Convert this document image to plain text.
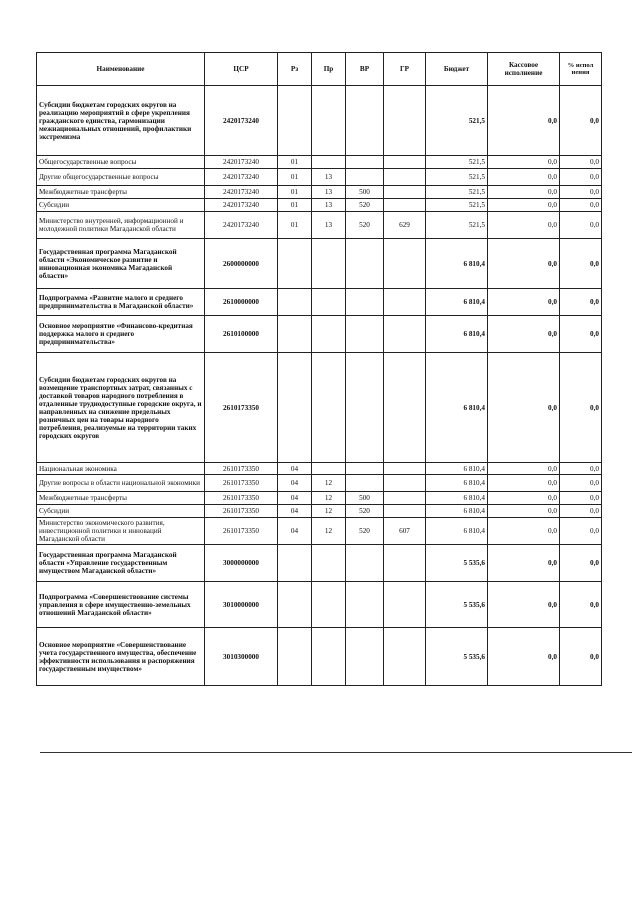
Наименование	ЦСР	Рз	Пр	ВР	ГР	Бюджет	Кассовое исполнение	% испол нения
Субсидии бюджетам городских округов на реализацию мероприятий в сфере укрепления гражданского единства, гармонизации межнациональных отношений, профилактики экстремизма	2420173240					521,5	0,0	0,0
Общегосударственные вопросы	2420173240	01				521,5	0,0	0,0
Другие общегосударственные вопросы	2420173240	01	13			521,5	0,0	0,0
Межбюджетные трансферты	2420173240	01	13	500		521,5	0,0	0,0
Субсидии	2420173240	01	13	520		521,5	0,0	0,0
Министерство внутренней, информационной и молодежной политики Магаданской области	2420173240	01	13	520	629	521,5	0,0	0,0
Государственная программа Магаданской области «Экономическое развитие и инновационная экономика Магаданской области»	2600000000					6 810,4	0,0	0,0
Подпрограмма «Развитие малого и среднего предпринимательства в Магаданской области»	2610000000					6 810,4	0,0	0,0
Основное мероприятие «Финансово-кредитная поддержка малого и среднего предпринимательства»	2610100000					6 810,4	0,0	0,0
Субсидии бюджетам городских округов на возмещение транспортных затрат, связанных с доставкой товаров народного потребления в отдаленные труднодоступные городские округа, и направленных на снижение предельных розничных цен на товары народного потребления, реализуемые на территории таких городских округов	2610173350					6 810,4	0,0	0,0
Национальная экономика	2610173350	04				6 810,4	0,0	0,0
Другие вопросы в области национальной экономики	2610173350	04	12			6 810,4	0,0	0,0
Межбюджетные трансферты	2610173350	04	12	500		6 810,4	0,0	0,0
Субсидии	2610173350	04	12	520		6 810,4	0,0	0,0
Министерство экономического развития, инвестиционной политики и инноваций Магаданской области	2610173350	04	12	520	607	6 810,4	0,0	0,0
Государственная программа Магаданской области «Управление государственным имуществом Магаданской области»	3000000000					5 535,6	0,0	0,0
Подпрограмма «Совершенствование системы управления в сфере имущественно-земельных отношений Магаданской области»	3010000000					5 535,6	0,0	0,0
Основное мероприятие «Совершенствование учета государственного имущества, обеспечение эффективности использования и распоряжения государственным имуществом»	3010300000					5 535,6	0,0	0,0
